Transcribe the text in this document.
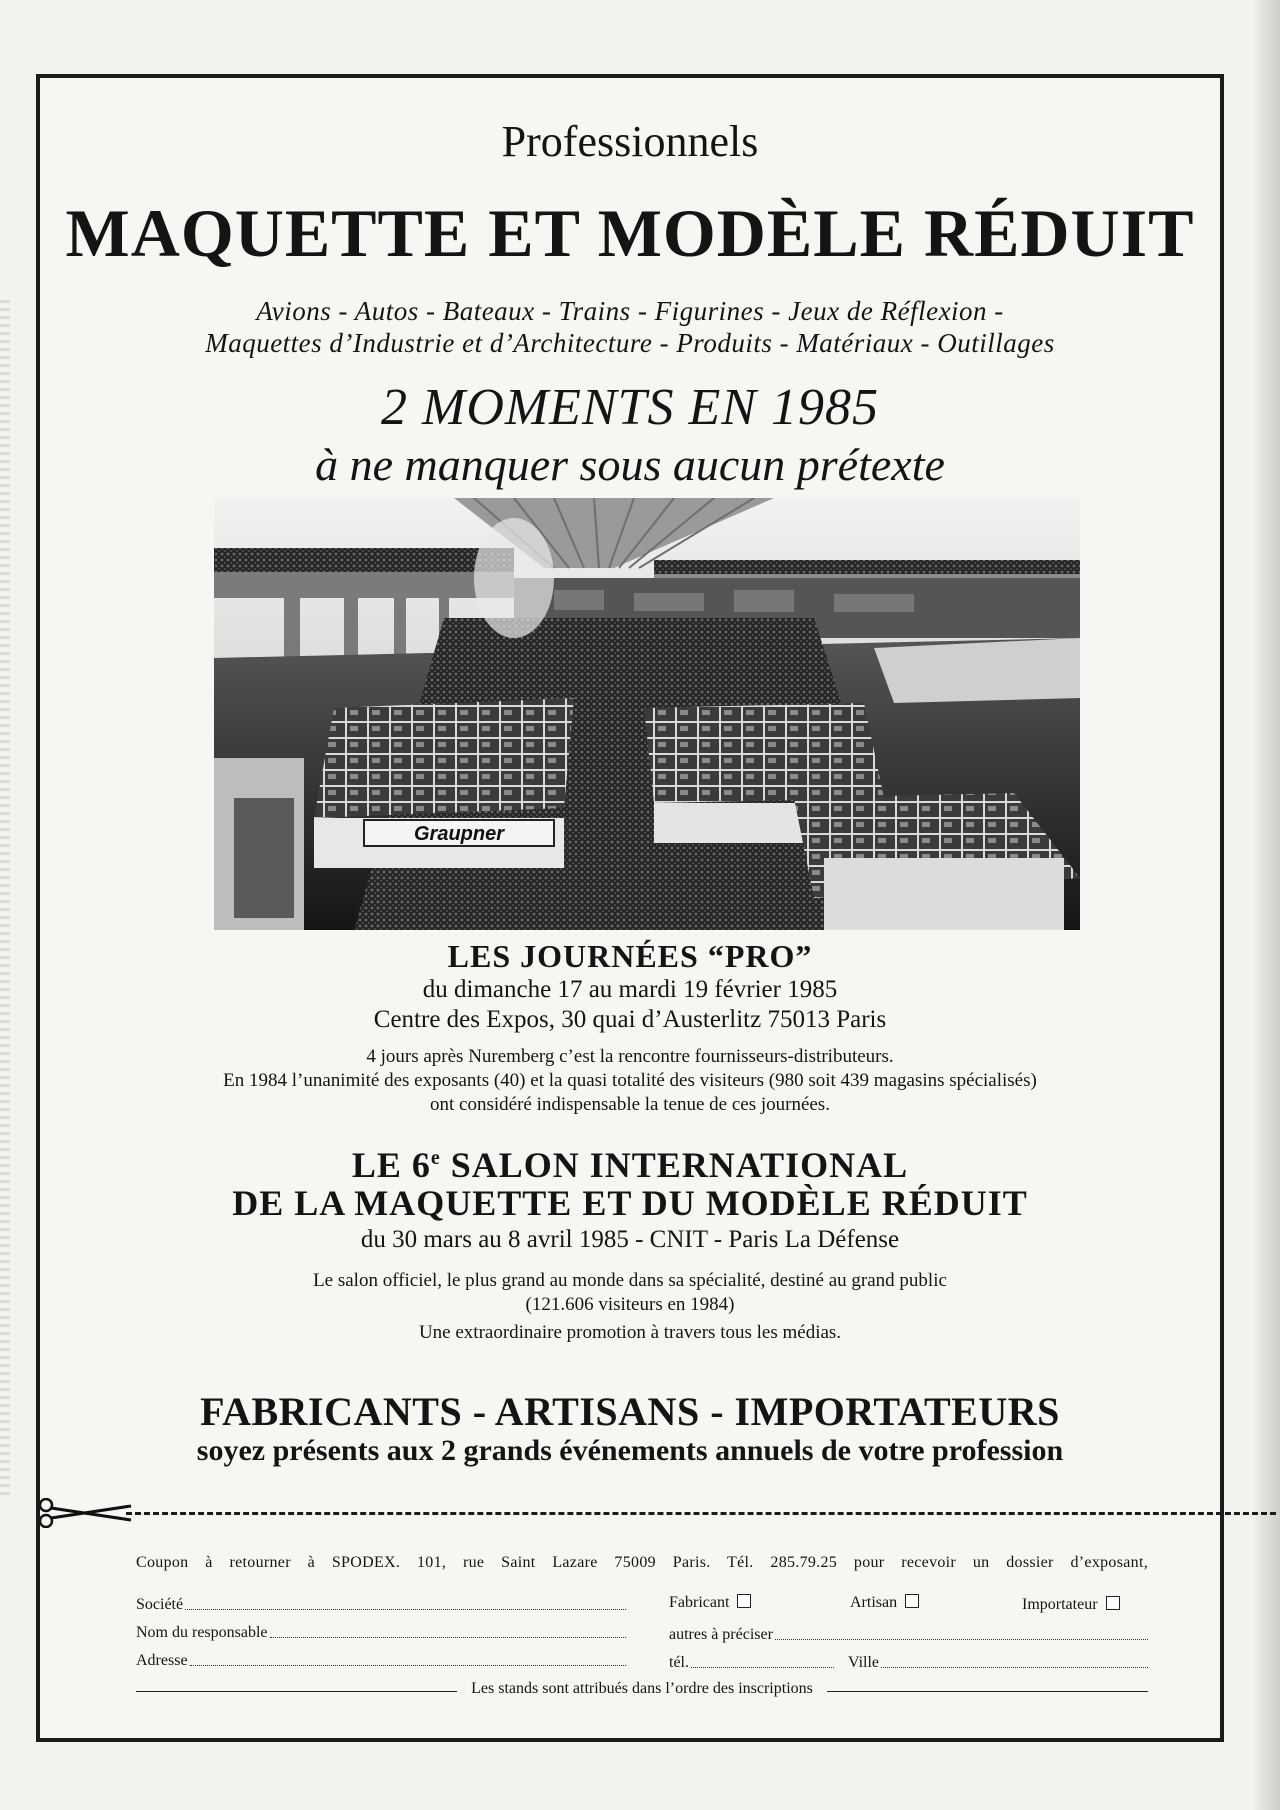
Professionnels
MAQUETTE ET MODÈLE RÉDUIT
Avions - Autos - Bateaux - Trains - Figurines - Jeux de Réflexion -
Maquettes d’Industrie et d’Architecture - Produits - Matériaux - Outillages
2 MOMENTS EN 1985
à ne manquer sous aucun prétexte
Graupner
LES JOURNÉES “PRO”
du dimanche 17 au mardi 19 février 1985
Centre des Expos, 30 quai d’Austerlitz 75013 Paris
4 jours après Nuremberg c’est la rencontre fournisseurs-distributeurs.
En 1984 l’unanimité des exposants (40) et la quasi totalité des visiteurs (980 soit 439 magasins spécialisés)
ont considéré indispensable la tenue de ces journées.
LE 6e SALON INTERNATIONAL
DE LA MAQUETTE ET DU MODÈLE RÉDUIT
du 30 mars au 8 avril 1985 - CNIT - Paris La Défense
Le salon officiel, le plus grand au monde dans sa spécialité, destiné au grand public
(121.606 visiteurs en 1984)
Une extraordinaire promotion à travers tous les médias.
FABRICANTS - ARTISANS - IMPORTATEURS
soyez présents aux 2 grands événements annuels de votre profession
Coupon à retourner à SPODEX. 101, rue Saint Lazare 75009 Paris. Tél. 285.79.25 pour recevoir un dossier d’exposant,
Société
Nom du responsable
Adresse
Fabricant	Artisan	Importateur
autres à préciser
tél.	Ville
Les stands sont attribués dans l’ordre des inscriptions
